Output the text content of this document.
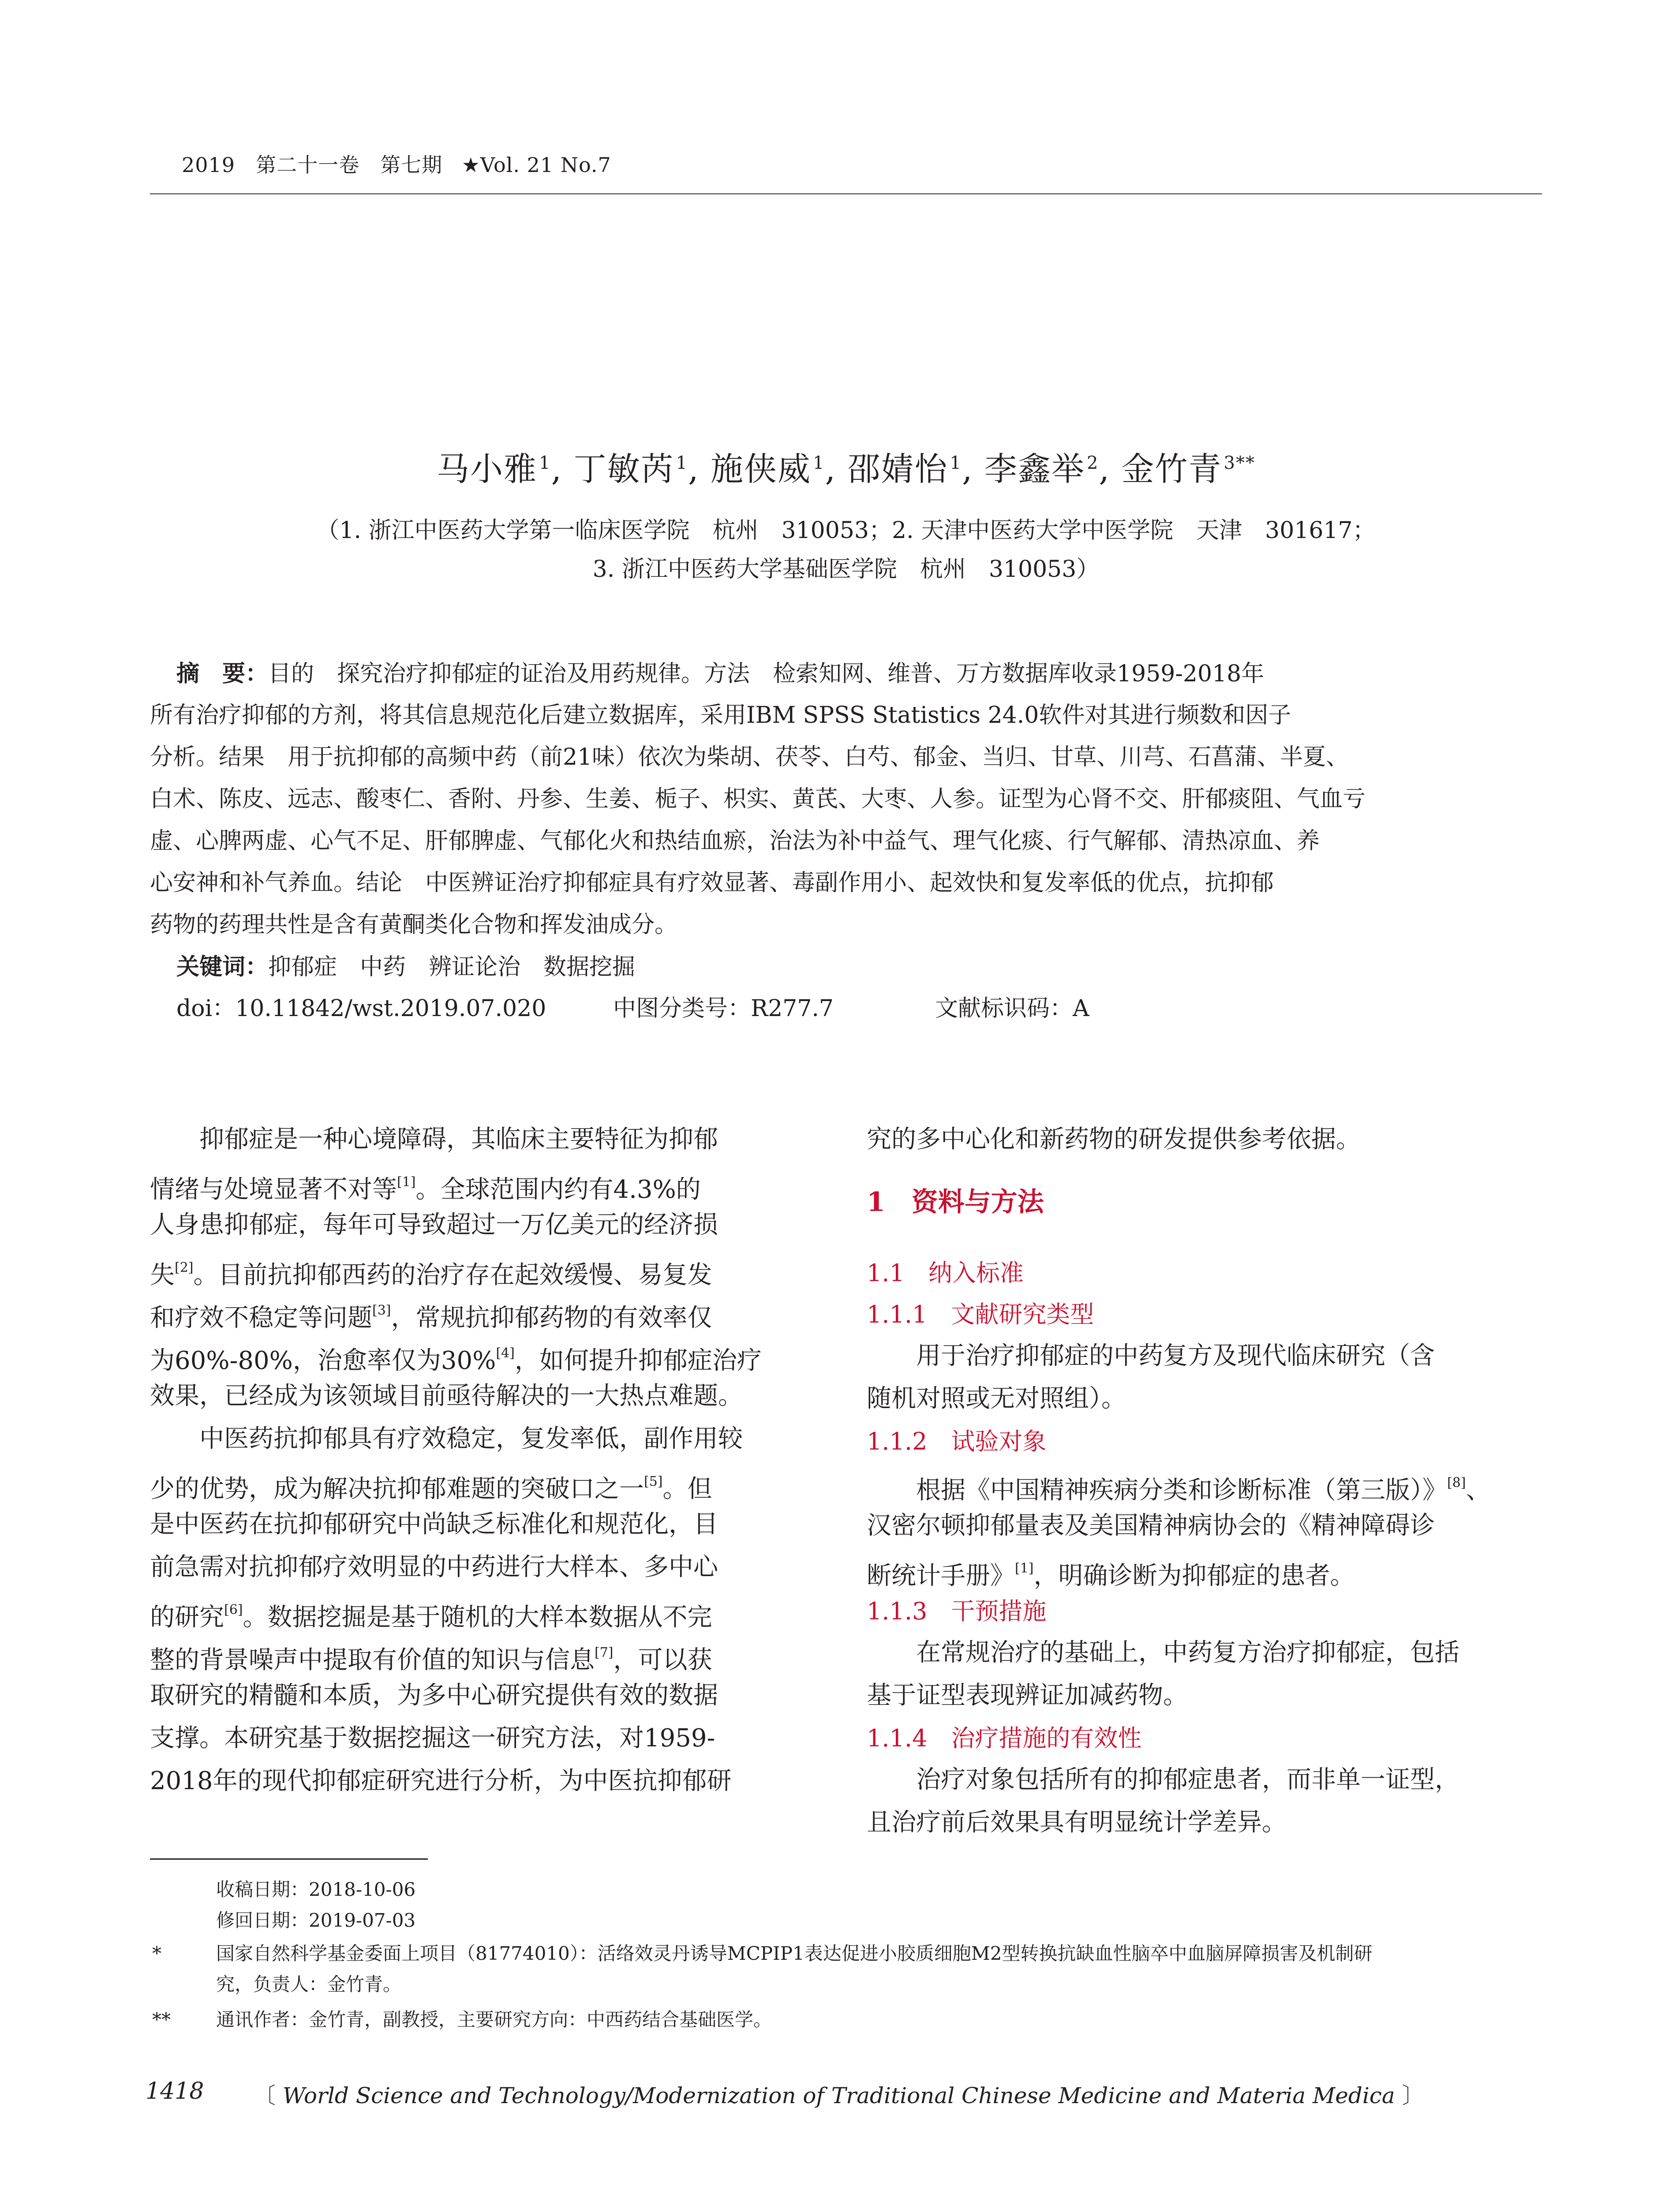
2019　第二十一卷　第七期 ★Vol. 21 No.7
马小雅 $^1$, 丁敏芮 $^1$, 施侠威 $^1$, 邵婧怡 $^1$, 李鑫举 $^2$, 金竹青 $^{3**}$
（1. 浙江中医药大学第一临床医学院　杭州　310053；2. 天津中医药大学中医学院　天津　301617；
3. 浙江中医药大学基础医学院　杭州　310053）
摘　要：目的　探究治疗抑郁症的证治及用药规律。方法　检索知网、维普、万方数据库收录1959-2018年
所有治疗抑郁的方剂，将其信息规范化后建立数据库，采用IBM SPSS Statistics 24.0软件对其进行频数和因子
分析。结果　用于抗抑郁的高频中药（前21味）依次为柴胡、茯苓、白芍、郁金、当归、甘草、川芎、石菖蒲、半夏、
白术、陈皮、远志、酸枣仁、香附、丹参、生姜、栀子、枳实、黄芪、大枣、人参。证型为心肾不交、肝郁痰阻、气血亏
虚、心脾两虚、心气不足、肝郁脾虚、气郁化火和热结血瘀，治法为补中益气、理气化痰、行气解郁、清热凉血、养
心安神和补气养血。结论　中医辨证治疗抑郁症具有疗效显著、毒副作用小、起效快和复发率低的优点，抗抑郁
药物的药理共性是含有黄酮类化合物和挥发油成分。
关键词：抑郁症　中药　辨证论治　数据挖掘
doi：10.11842/wst.2019.07.020	中图分类号：R277.7	文献标识码：A
　　抑郁症是一种心境障碍，其临床主要特征为抑郁
情绪与处境显著不对等[1]。全球范围内约有4.3%的
人身患抑郁症，每年可导致超过一万亿美元的经济损
失[2]。目前抗抑郁西药的治疗存在起效缓慢、易复发
和疗效不稳定等问题[3]，常规抗抑郁药物的有效率仅
为60%-80%，治愈率仅为30%[4]，如何提升抑郁症治疗
效果，已经成为该领域目前亟待解决的一大热点难题。
　　中医药抗抑郁具有疗效稳定，复发率低，副作用较
少的优势，成为解决抗抑郁难题的突破口之一[5]。但
是中医药在抗抑郁研究中尚缺乏标准化和规范化，目
前急需对抗抑郁疗效明显的中药进行大样本、多中心
的研究[6]。数据挖掘是基于随机的大样本数据从不完
整的背景噪声中提取有价值的知识与信息[7]，可以获
取研究的精髓和本质，为多中心研究提供有效的数据
支撑。本研究基于数据挖掘这一研究方法，对1959-
2018年的现代抑郁症研究进行分析，为中医抗抑郁研
究的多中心化和新药物的研发提供参考依据。
1　资料与方法
1.1　纳入标准
1.1.1　文献研究类型
　　用于治疗抑郁症的中药复方及现代临床研究（含
随机对照或无对照组）。
1.1.2　试验对象
　　根据《中国精神疾病分类和诊断标准（第三版）》[8]、
汉密尔顿抑郁量表及美国精神病协会的《精神障碍诊
断统计手册》[1]，明确诊断为抑郁症的患者。
1.1.3　干预措施
　　在常规治疗的基础上，中药复方治疗抑郁症，包括
基于证型表现辨证加减药物。
1.1.4　治疗措施的有效性
　　治疗对象包括所有的抑郁症患者，而非单一证型，
且治疗前后效果具有明显统计学差异。
收稿日期：2018-10-06
修回日期：2019-07-03
*	国家自然科学基金委面上项目（81774010）：活络效灵丹诱导MCPIP1表达促进小胶质细胞M2型转换抗缺血性脑卒中血脑屏障损害及机制研
究，负责人：金竹青。
** 通讯作者：金竹青，副教授，主要研究方向：中西药结合基础医学。
1418 〔 World Science and Technology/Modernization of Traditional Chinese Medicine and Materia Medica 〕
